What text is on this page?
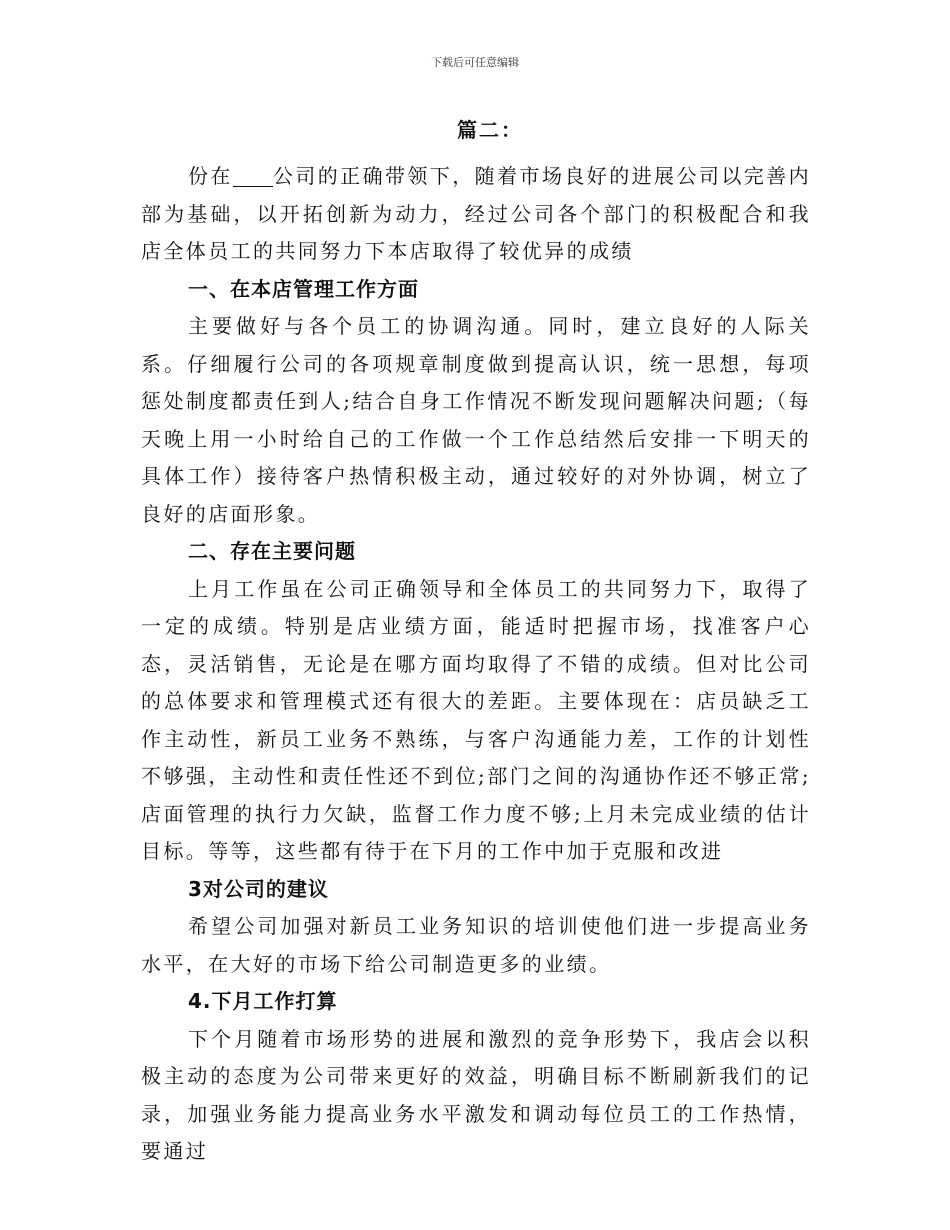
下载后可任意编辑
篇二：

份在 公司的正确带领下，随着市场良好的进展公司以完善内部为基础，以开拓创新为动力，经过公司各个部门的积极配合和我店全体员工的共同努力下本店取得了较优异的成绩

一、在本店管理工作方面

主要做好与各个员工的协调沟通。同时，建立良好的人际关系。仔细履行公司的各项规章制度做到提高认识，统一思想，每项惩处制度都责任到人;结合自身工作情况不断发现问题解决问题;（每天晚上用一小时给自己的工作做一个工作总结然后安排一下明天的具体工作）接待客户热情积极主动，通过较好的对外协调，树立了良好的店面形象。

二、存在主要问题

上月工作虽在公司正确领导和全体员工的共同努力下，取得了一定的成绩。特别是店业绩方面，能适时把握市场，找准客户心态，灵活销售，无论是在哪方面均取得了不错的成绩。但对比公司的总体要求和管理模式还有很大的差距。主要体现在：店员缺乏工作主动性，新员工业务不熟练，与客户沟通能力差，工作的计划性不够强，主动性和责任性还不到位;部门之间的沟通协作还不够正常;店面管理的执行力欠缺，监督工作力度不够;上月未完成业绩的估计目标。等等，这些都有待于在下月的工作中加于克服和改进

3对公司的建议

希望公司加强对新员工业务知识的培训使他们进一步提高业务水平，在大好的市场下给公司制造更多的业绩。

4.下月工作打算

下个月随着市场形势的进展和激烈的竞争形势下，我店会以积极主动的态度为公司带来更好的效益，明确目标不断刷新我们的记录，加强业务能力提高业务水平激发和调动每位员工的工作热情，要通过
